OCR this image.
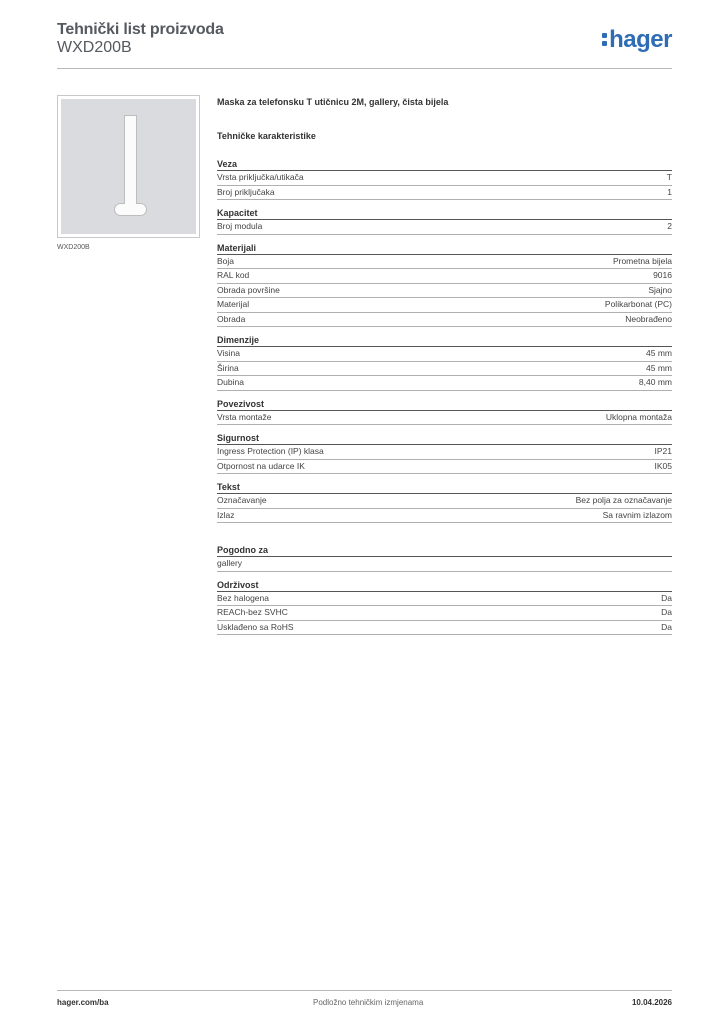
Tehnički list proizvoda
WXD200B	hager
WXD200B
Maska za telefonsku T utičnicu 2M, gallery, čista bijela
Tehničke karakteristike
Veza
Vrsta priključka/utikača	T
Broj priključaka	1
Kapacitet
Broj modula	2
Materijali
Boja	Prometna bijela
RAL kod	9016
Obrada površine	Sjajno
Materijal	Polikarbonat (PC)
Obrada	Neobrađeno
Dimenzije
Visina	45 mm
Širina	45 mm
Dubina	8,40 mm
Povezivost
Vrsta montaže	Uklopna montaža
Sigurnost
Ingress Protection (IP) klasa	IP21
Otpornost na udarce IK	IK05
Tekst
Označavanje	Bez polja za označavanje
Izlaz	Sa ravnim izlazom
Pogodno za
gallery
Održivost
Bez halogena	Da
REACh-bez SVHC	Da
Usklađeno sa RoHS	Da
hager.com/ba	Podložno tehničkim izmjenama	10.04.2026
